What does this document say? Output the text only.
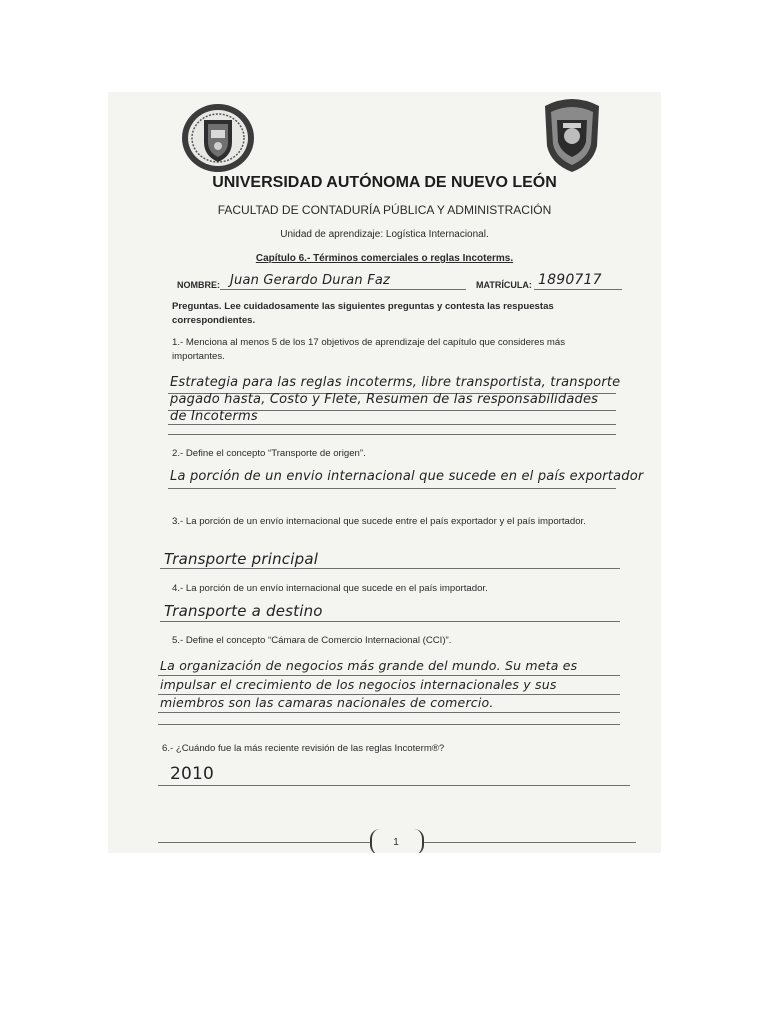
UNIVERSIDAD AUTÓNOMA DE NUEVO LEÓN
FACULTAD DE CONTADURÍA PÚBLICA Y ADMINISTRACIÓN
Unidad de aprendizaje: Logística Internacional.
Capítulo 6.- Términos comerciales o reglas Incoterms.
NOMBRE: Juan Gerardo Duran Faz	MATRÍCULA: 1890717
Preguntas. Lee cuidadosamente las siguientes preguntas y contesta las respuestas correspondientes.
1.- Menciona al menos 5 de los 17 objetivos de aprendizaje del capítulo que consideres más importantes.
Estrategia para las reglas incoterms, libre transportista, transporte
pagado hasta, Costo y Flete, Resumen de las responsabilidades
de Incoterms
2.- Define el concepto “Transporte de origen”.
La porción de un envio internacional que sucede en el país exportador
3.- La porción de un envío internacional que sucede entre el país exportador y el país importador.
Transporte principal
4.- La porción de un envío internacional que sucede en el país importador.
Transporte a destino
5.- Define el concepto “Cámara de Comercio Internacional (CCI)”.
La organización de negocios más grande del mundo. Su meta es
impulsar el crecimiento de los negocios internacionales y sus
miembros son las camaras nacionales de comercio.
6.- ¿Cuándo fue la más reciente revisión de las reglas Incoterm®?
2010
1
